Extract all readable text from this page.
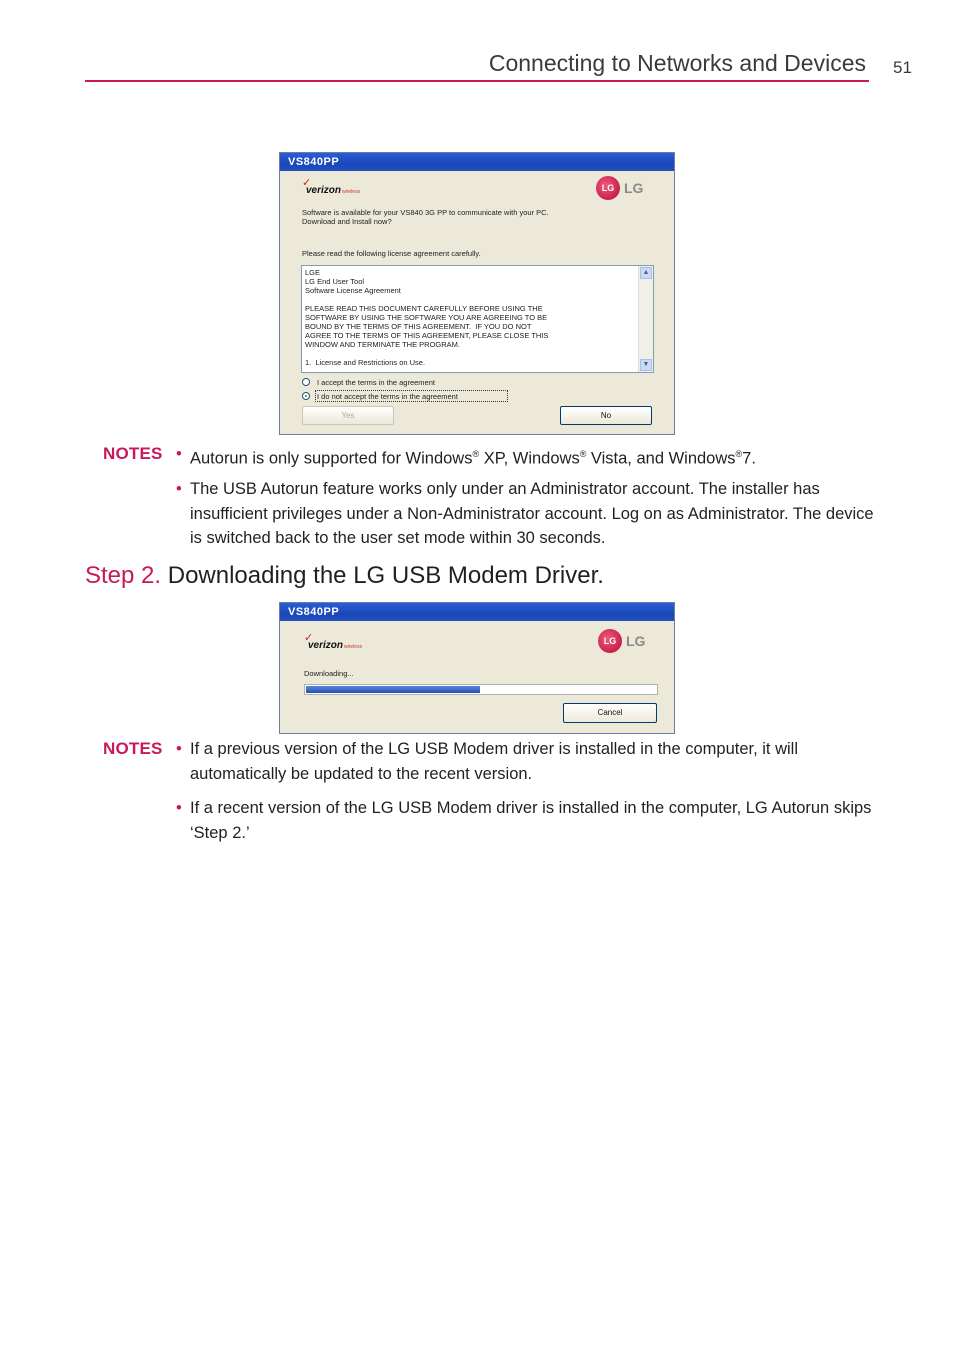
Connecting to Networks and Devices 51
VS840PP
✓
verizonwireless	LG LG
Software is available for your VS840 3G PP to communicate with your PC.
Download and Install now?
Please read the following license agreement carefully.
LGE
LG End User Tool
Software License Agreement

PLEASE READ THIS DOCUMENT CAREFULLY BEFORE USING THE
SOFTWARE BY USING THE SOFTWARE YOU ARE AGREEING TO BE
BOUND BY THE TERMS OF THIS AGREEMENT.  IF YOU DO NOT
AGREE TO THE TERMS OF THIS AGREEMENT, PLEASE CLOSE THIS
WINDOW AND TERMINATE THE PROGRAM.

1.  License and Restrictions on Use.
▲
▼
I accept the terms in the agreement
I do not accept the terms in the agreement
Yes	No
NOTES • Autorun is only supported for Windows® XP, Windows® Vista, and Windows®7.
• The USB Autorun feature works only under an Administrator account. The installer has insufficient privileges under a Non-Administrator account. Log on as Administrator. The device is switched back to the user set mode within 30 seconds.
Step 2. Downloading the LG USB Modem Driver.
VS840PP
✓
verizonwireless
LG LG
Downloading...
Cancel
NOTES • If a previous version of the LG USB Modem driver is installed in the computer, it will automatically be updated to the recent version.
• If a recent version of the LG USB Modem driver is installed in the computer, LG Autorun skips ‘Step 2.’
